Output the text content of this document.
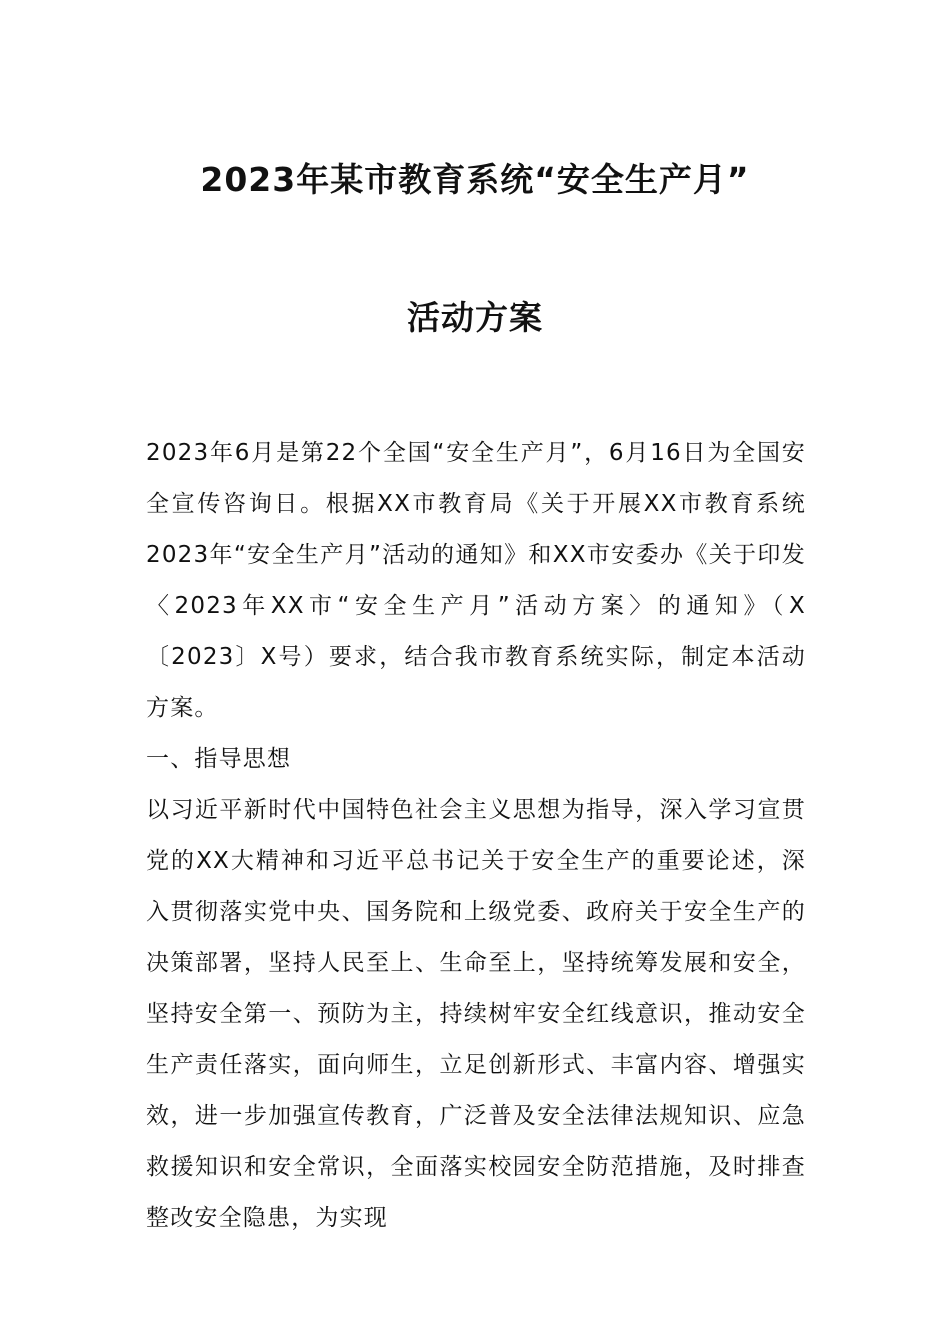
2023年某市教育系统“安全生产月”
活动方案

2023年6月是第22个全国“安全生产月”，6月16日为全国安全宣传咨询日。根据XX市教育局《关于开展XX市教育系统2023年“安全生产月”活动的通知》和XX市安委办《关于印发〈2023年XX市“安全生产月”活动方案〉的通知》（X〔2023〕X号）要求，结合我市教育系统实际，制定本活动方案。

一、指导思想

以习近平新时代中国特色社会主义思想为指导，深入学习宣贯党的XX大精神和习近平总书记关于安全生产的重要论述，深入贯彻落实党中央、国务院和上级党委、政府关于安全生产的决策部署，坚持人民至上、生命至上，坚持统筹发展和安全，坚持安全第一、预防为主，持续树牢安全红线意识，推动安全生产责任落实，面向师生，立足创新形式、丰富内容、增强实效，进一步加强宣传教育，广泛普及安全法律法规知识、应急救援知识和安全常识，全面落实校园安全防范措施，及时排查整改安全隐患，为实现
